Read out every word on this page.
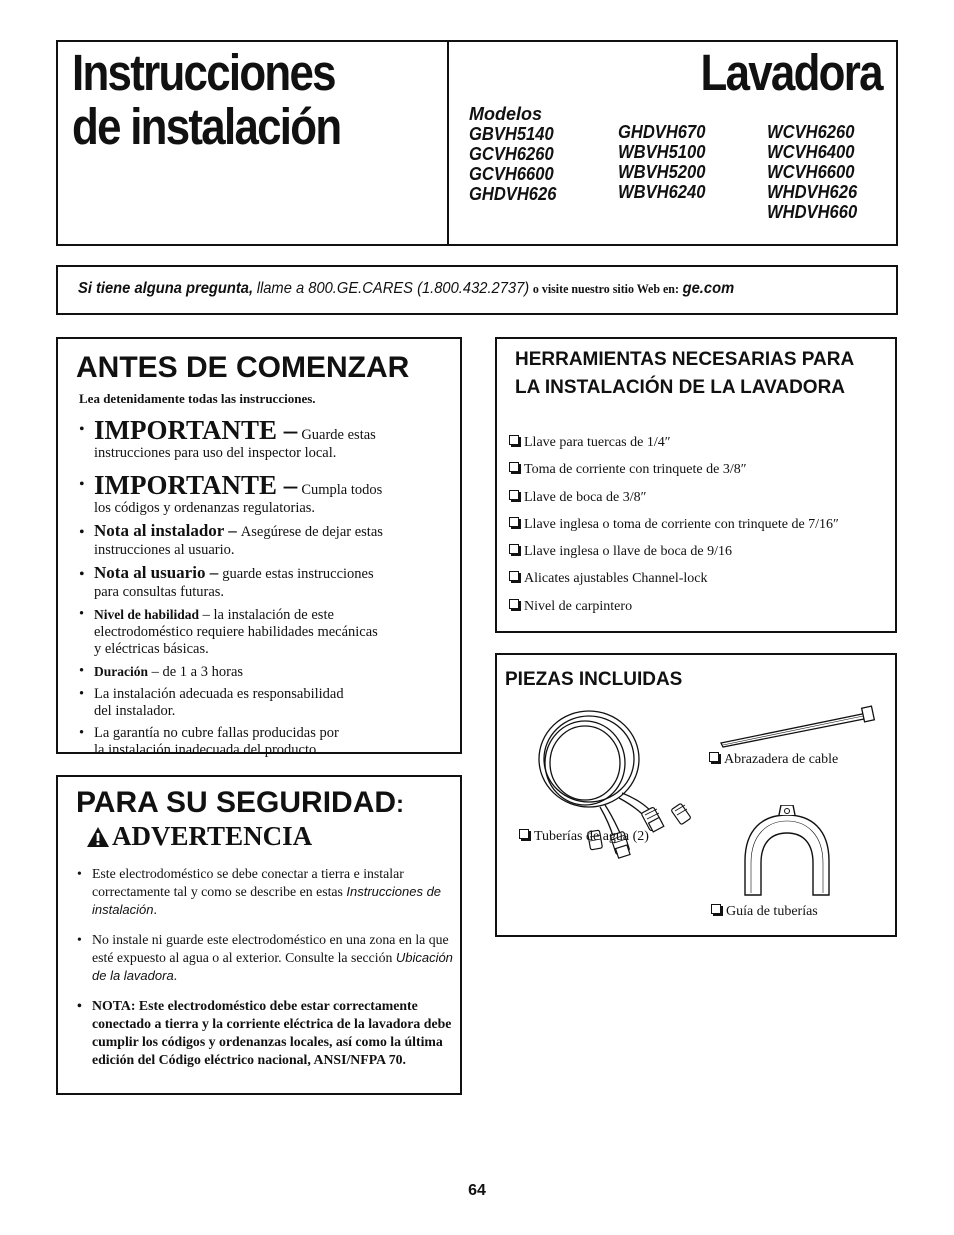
Instrucciones
de instalación
Lavadora
Modelos
GBVH5140
GCVH6260
GCVH6600
GHDVH626
GHDVH670
WBVH5100
WBVH5200
WBVH6240
WCVH6260
WCVH6400
WCVH6600
WHDVH626
WHDVH660
Si tiene alguna pregunta, llame a 800.GE.CARES (1.800.432.2737) o visite nuestro sitio Web en: ge.com
ANTES DE COMENZAR
Lea detenidamente todas las instrucciones.
• IMPORTANTE – Guarde estas
instrucciones para uso del inspector local.
• IMPORTANTE – Cumpla todos
los códigos y ordenanzas regulatorias.
• Nota al instalador – Asegúrese de dejar estas
instrucciones al usuario.
• Nota al usuario – guarde estas instrucciones
para consultas futuras.
• Nivel de habilidad – la instalación de este
electrodoméstico requiere habilidades mecánicas
y eléctricas básicas.
• Duración – de 1 a 3 horas
• La instalación adecuada es responsabilidad
del instalador.
• La garantía no cubre fallas producidas por
la instalación inadecuada del producto.
PARA SU SEGURIDAD:
ADVERTENCIA
• Este electrodoméstico se debe conectar a tierra e instalar correctamente tal y como se describe en estas Instrucciones de instalación.
• No instale ni guarde este electrodoméstico en una zona en la que esté expuesto al agua o al exterior. Consulte la sección Ubicación de la lavadora.
• NOTA: Este electrodoméstico debe estar correctamente conectado a tierra y la corriente eléctrica de la lavadora debe cumplir los códigos y ordenanzas locales, así como la última edición del Código eléctrico nacional, ANSI/NFPA 70.
HERRAMIENTAS NECESARIAS PARA LA INSTALACIÓN DE LA LAVADORA
Llave para tuercas de 1/4″
Toma de corriente con trinquete de 3/8″
Llave de boca de 3/8″
Llave inglesa o toma de corriente con trinquete de 7/16″
Llave inglesa o llave de boca de 9/16
Alicates ajustables Channel-lock
Nivel de carpintero
PIEZAS INCLUIDAS
Abrazadera de cable
Tuberías de agua (2)
Guía de tuberías
64
